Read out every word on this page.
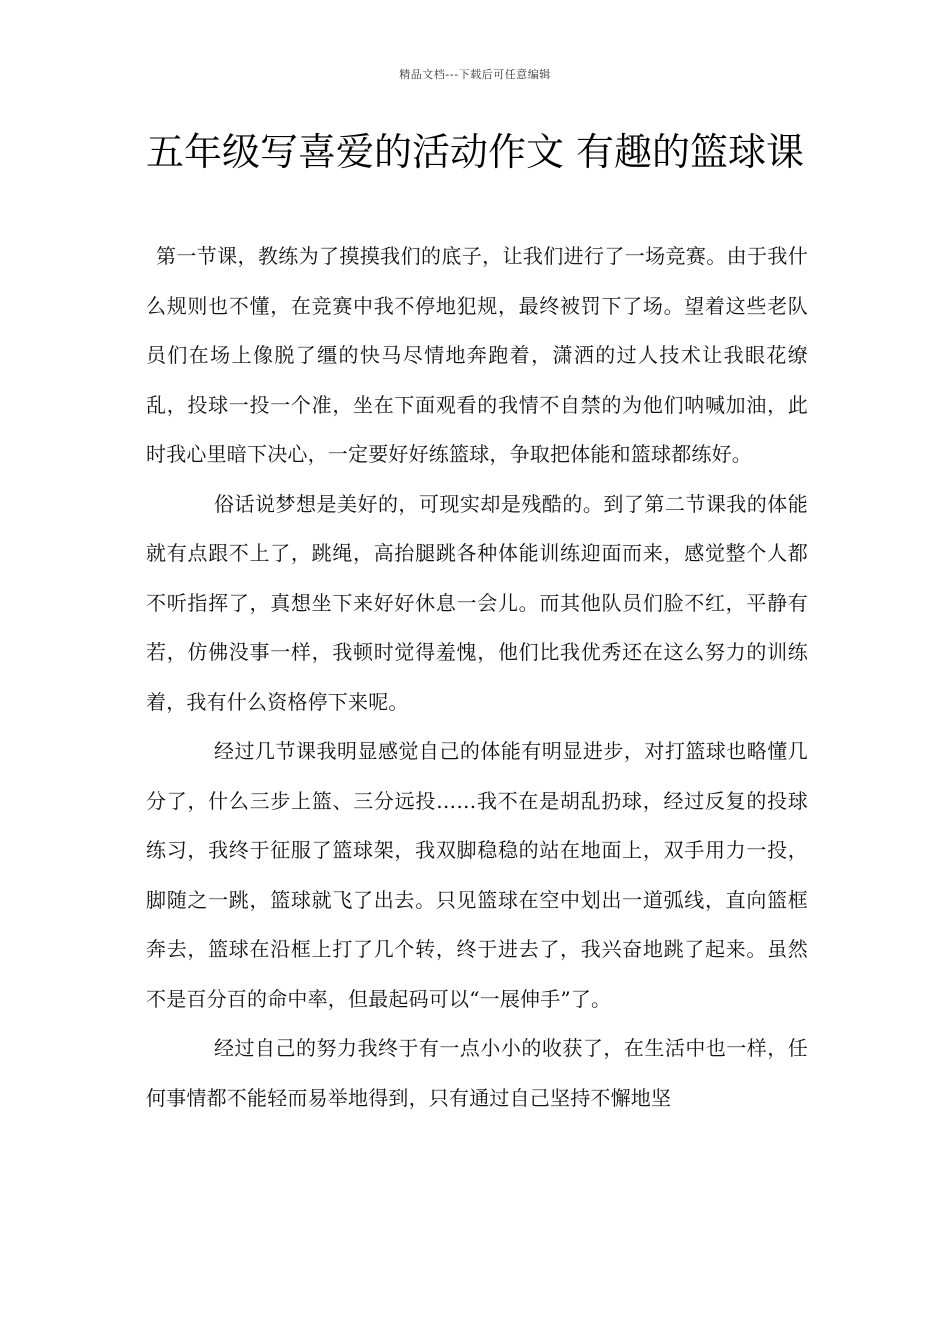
精品文档---下载后可任意编辑
五年级写喜爱的活动作文 有趣的篮球课

第一节课，教练为了摸摸我们的底子，让我们进行了一场竞赛。由于我什么规则也不懂，在竞赛中我不停地犯规，最终被罚下了场。望着这些老队员们在场上像脱了缰的快马尽情地奔跑着，潇洒的过人技术让我眼花缭乱，投球一投一个准，坐在下面观看的我情不自禁的为他们呐喊加油，此时我心里暗下决心，一定要好好练篮球，争取把体能和篮球都练好。

俗话说梦想是美好的，可现实却是残酷的。到了第二节课我的体能就有点跟不上了，跳绳，高抬腿跳各种体能训练迎面而来，感觉整个人都不听指挥了，真想坐下来好好休息一会儿。而其他队员们脸不红，平静有若，仿佛没事一样，我顿时觉得羞愧，他们比我优秀还在这么努力的训练着，我有什么资格停下来呢。

经过几节课我明显感觉自己的体能有明显进步，对打篮球也略懂几分了，什么三步上篮、三分远投……我不在是胡乱扔球，经过反复的投球练习，我终于征服了篮球架，我双脚稳稳的站在地面上，双手用力一投，脚随之一跳，篮球就飞了出去。只见篮球在空中划出一道弧线，直向篮框奔去，篮球在沿框上打了几个转，终于进去了，我兴奋地跳了起来。虽然不是百分百的命中率，但最起码可以“一展伸手”了。

经过自己的努力我终于有一点小小的收获了，在生活中也一样，任何事情都不能轻而易举地得到，只有通过自己坚持不懈地坚
